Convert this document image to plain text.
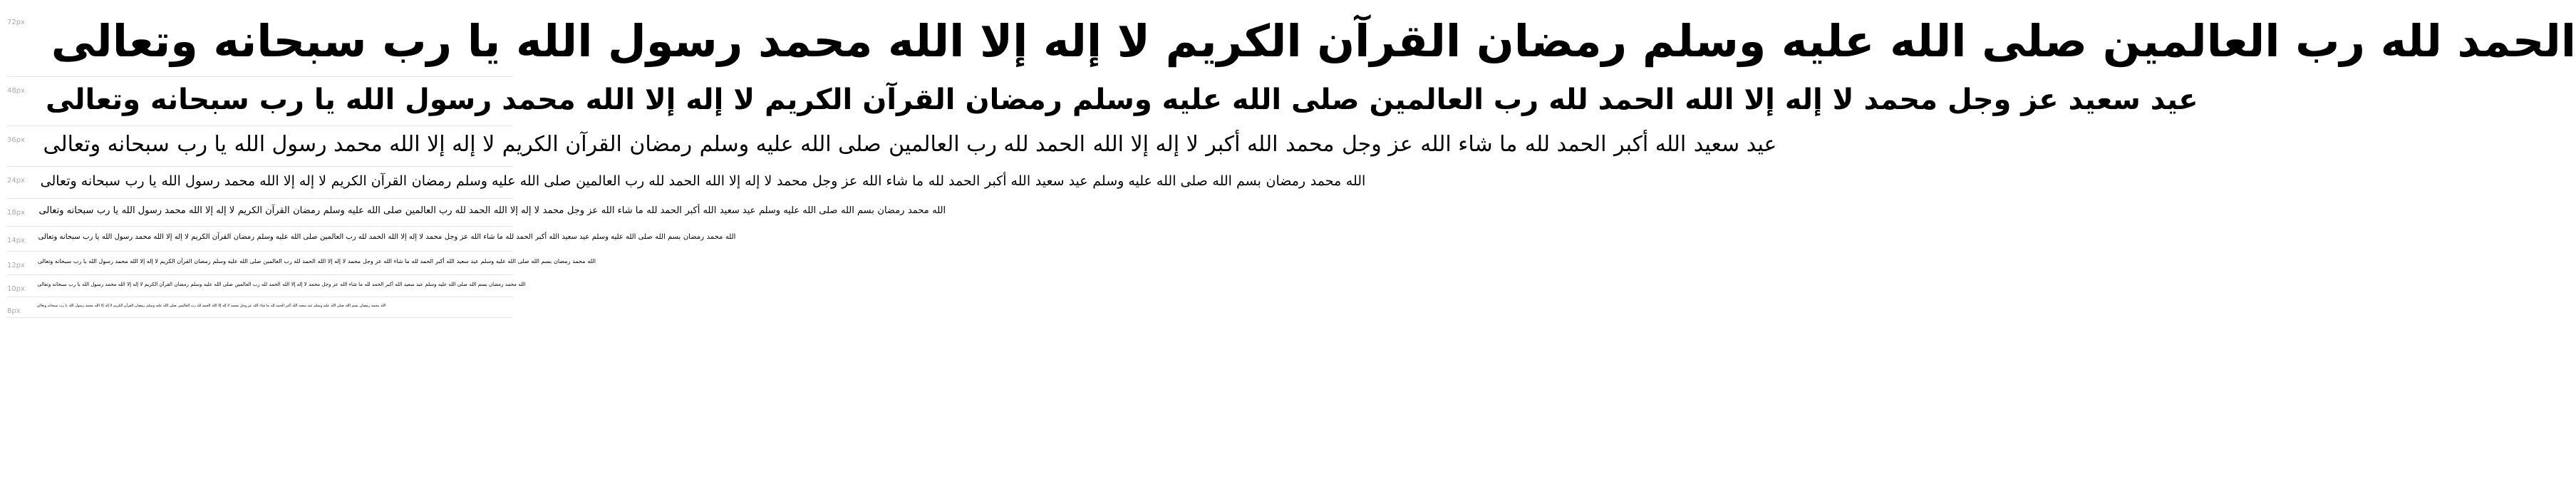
72px سبحانه وتعالى يا رب لا إله إلا الله محمد رسول الله القرآن الكريم رمضان صلى الله عليه وسلم الحمد لله رب العالمين
48px سبحانه وتعالى يا رب لا إله إلا الله محمد رسول الله القرآن الكريم رمضان صلى الله عليه وسلم الحمد لله رب العالمين لا إله إلا الله محمد عز وجل عيد سعيد
36px سبحانه وتعالى يا رب لا إله إلا الله محمد رسول الله القرآن الكريم رمضان صلى الله عليه وسلم الحمد لله رب العالمين لا إله إلا الله الله أكبر محمد عز وجل ما شاء الله الحمد لله الله أكبر عيد سعيد
24px	سبحانه وتعالى يا رب لا إله إلا الله محمد رسول الله القرآن الكريم رمضان صلى الله عليه وسلم الحمد لله رب العالمين لا إله إلا الله محمد عز وجل ما شاء الله الحمد لله الله أكبر عيد سعيد صلى الله عليه وسلم بسم الله رمضان محمد الله
18px	سبحانه وتعالى يا رب لا إله إلا الله محمد رسول الله القرآن الكريم رمضان صلى الله عليه وسلم الحمد لله رب العالمين لا إله إلا الله محمد عز وجل ما شاء الله الحمد لله الله أكبر عيد سعيد صلى الله عليه وسلم بسم الله رمضان محمد الله
14px	سبحانه وتعالى يا رب لا إله إلا الله محمد رسول الله القرآن الكريم رمضان صلى الله عليه وسلم الحمد لله رب العالمين لا إله إلا الله محمد عز وجل ما شاء الله الحمد لله الله أكبر عيد سعيد صلى الله عليه وسلم بسم الله رمضان محمد الله
12px
سبحانه وتعالى يا رب لا إله إلا الله محمد رسول الله القرآن الكريم رمضان صلى الله عليه وسلم الحمد لله رب العالمين لا إله إلا الله محمد عز وجل ما شاء الله الحمد لله الله أكبر عيد سعيد صلى الله عليه وسلم بسم الله رمضان محمد الله
10px
سبحانه وتعالى يا رب لا إله إلا الله محمد رسول الله القرآن الكريم رمضان صلى الله عليه وسلم الحمد لله رب العالمين لا إله إلا الله محمد عز وجل ما شاء الله الحمد لله الله أكبر عيد سعيد صلى الله عليه وسلم بسم الله رمضان محمد الله
8px
سبحانه وتعالى يا رب لا إله إلا الله محمد رسول الله القرآن الكريم رمضان صلى الله عليه وسلم الحمد لله رب العالمين لا إله إلا الله محمد عز وجل ما شاء الله الحمد لله الله أكبر عيد سعيد صلى الله عليه وسلم بسم الله رمضان محمد الله
